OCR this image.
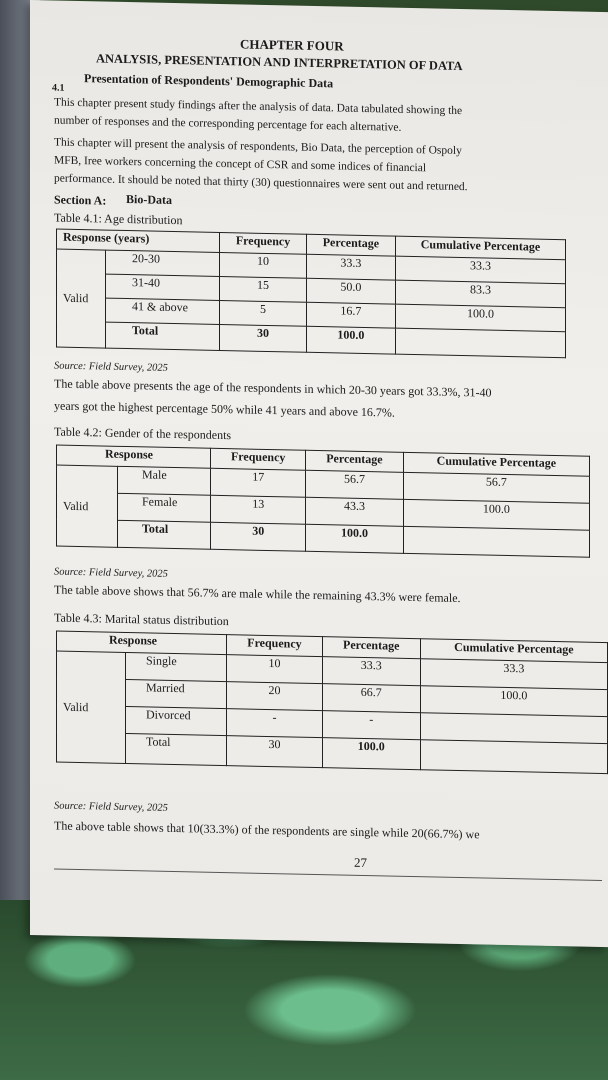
CHAPTER FOUR
ANALYSIS, PRESENTATION AND INTERPRETATION OF DATA
4.1 Presentation of Respondents' Demographic Data
This chapter present study findings after the analysis of data. Data tabulated showing the
number of responses and the corresponding percentage for each alternative.
This chapter will present the analysis of respondents, Bio Data, the perception of Ospoly
MFB, Iree workers concerning the concept of CSR and some indices of financial
performance. It should be noted that thirty (30) questionnaires were sent out and returned.
Section A: Bio-Data
Table 4.1: Age distribution
Response (years)		Frequency	Percentage	Cumulative Percentage
Valid	20-30	10	33.3	33.3
	31-40	15	50.0	83.3
	41 & above	5	16.7	100.0
	Total	30	100.0	
Source: Field Survey, 2025
The table above presents the age of the respondents in which 20-30 years got 33.3%, 31-40
years got the highest percentage 50% while 41 years and above 16.7%.
Table 4.2: Gender of the respondents
Response		Frequency	Percentage	Cumulative Percentage
Valid	Male	17	56.7	56.7
	Female	13	43.3	100.0
	Total	30	100.0	
Source: Field Survey, 2025
The table above shows that 56.7% are male while the remaining 43.3% were female.
Table 4.3: Marital status distribution
Response		Frequency	Percentage	Cumulative Percentage
Valid	Single	10	33.3	33.3
	Married	20	66.7	100.0
	Divorced	-	-	
	Total	30	100.0	
Source: Field Survey, 2025
The above table shows that 10(33.3%) of the respondents are single while 20(66.7%) we
27
